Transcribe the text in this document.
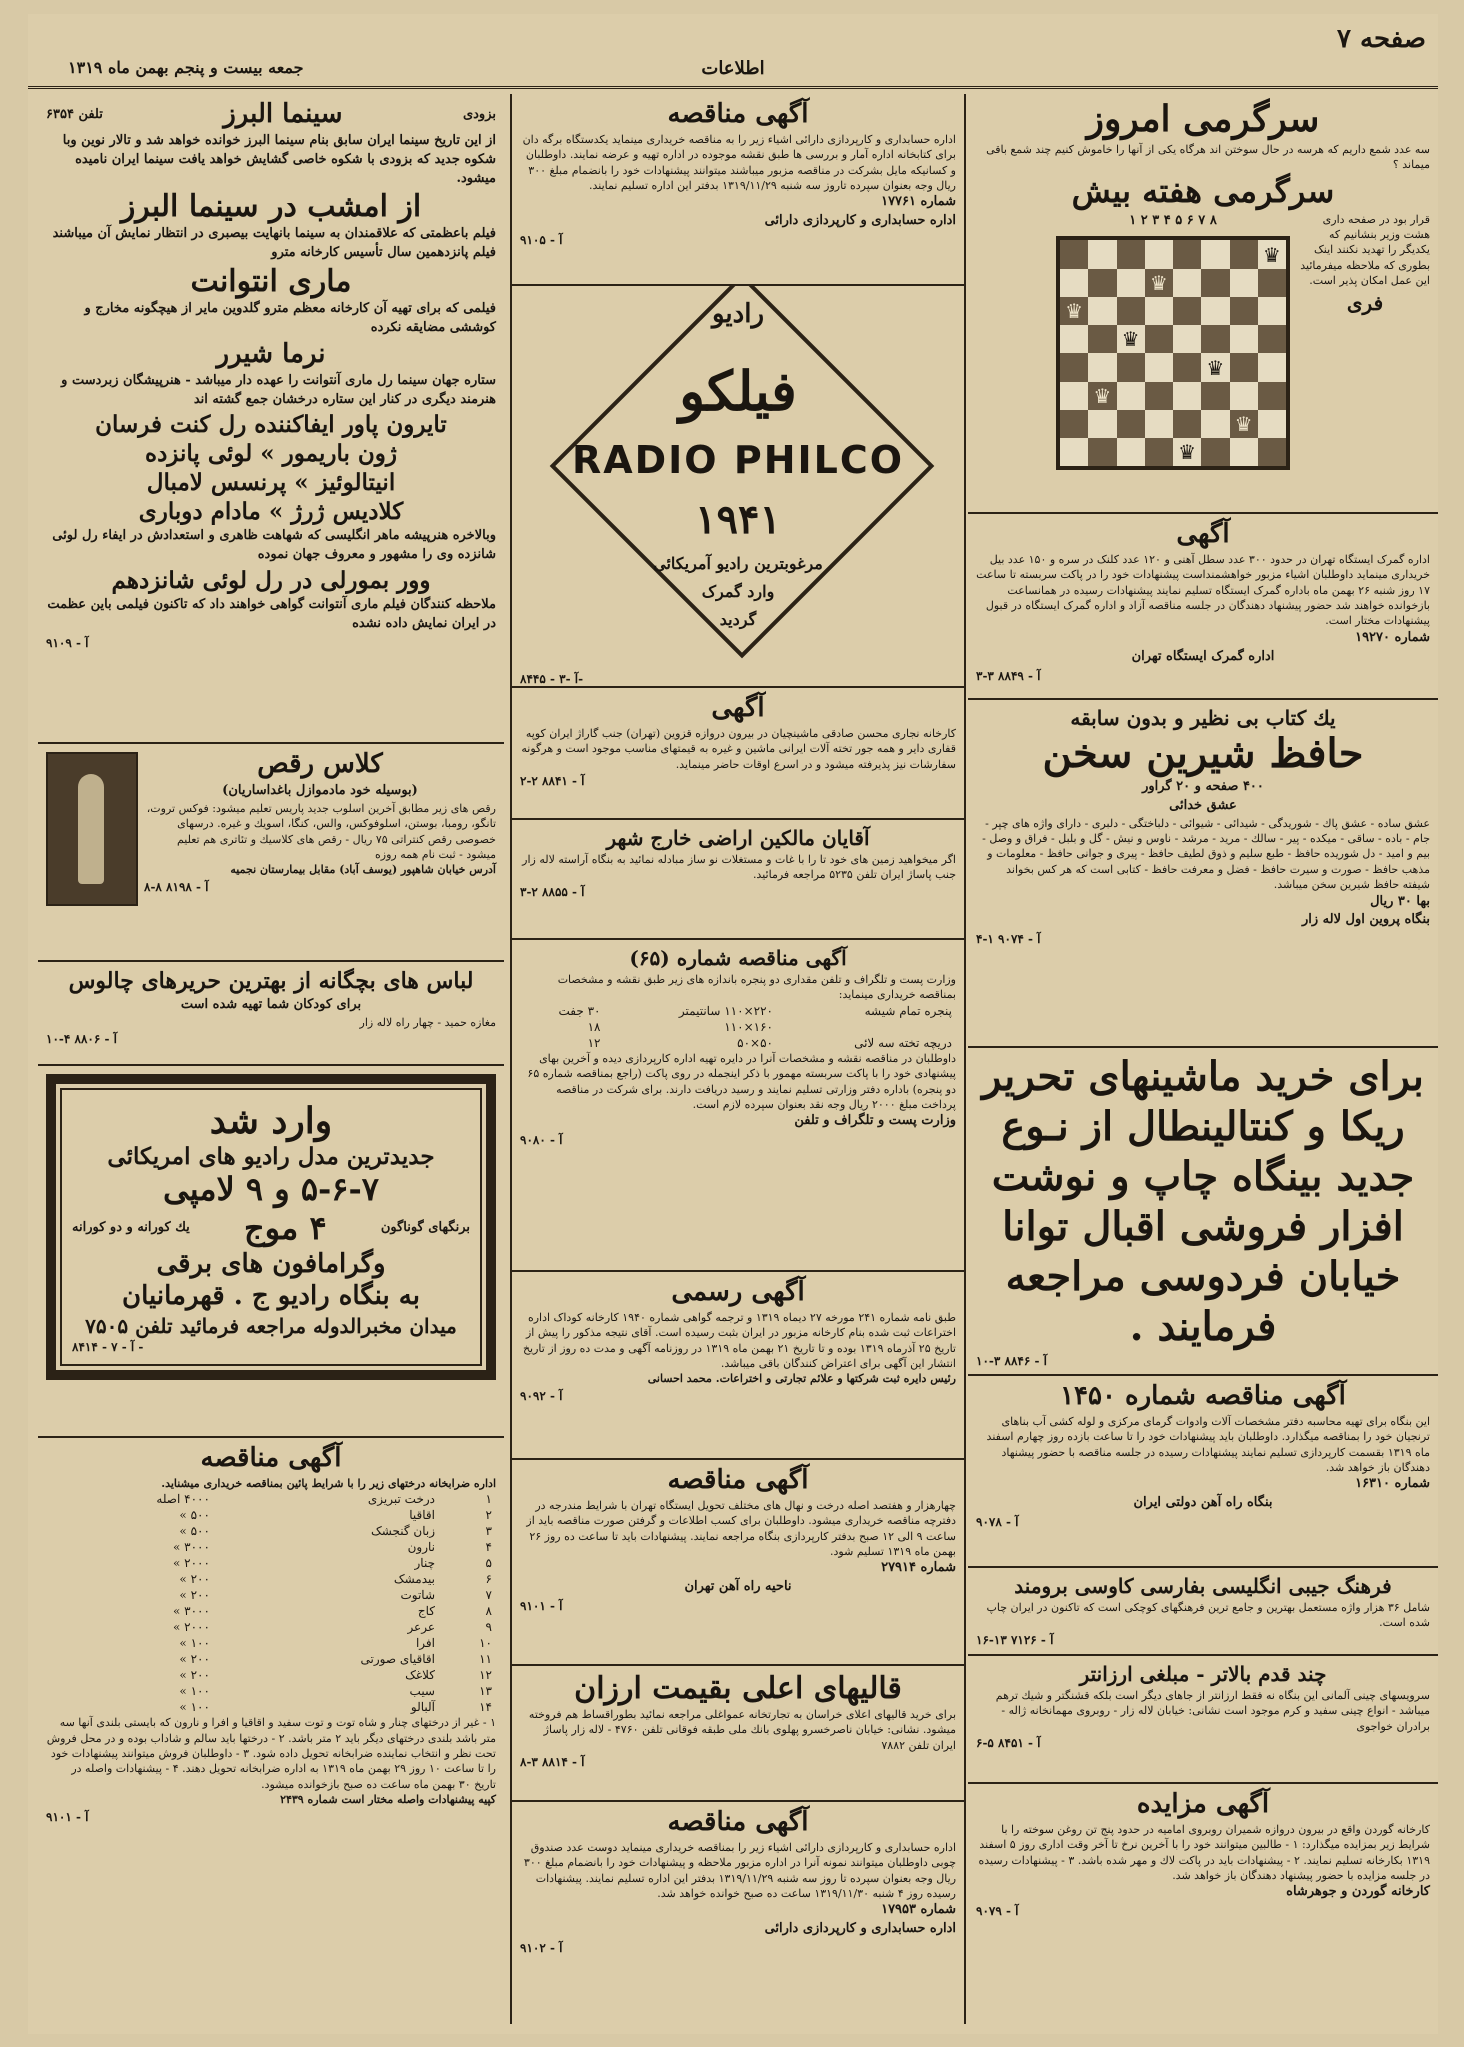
صفحه ۷
اطلاعات
جمعه بیست و پنجم بهمن ماه ۱۳۱۹
سرگرمی امروز
سه عدد شمع داریم که هرسه در حال سوختن اند هرگاه یکی از آنها را خاموش کنیم چند شمع باقی میماند ؟
سرگرمی هفته بیش
قرار بود در صفحه داری هشت وزیر بنشانیم که یکدیگر را تهدید نکنند اینک بطوری که ملاحظه میفرمائید این عمل امکان پذیر است.
فری
۸ ۷ ۶ ۵ ۴ ۳ ۲ ۱
♛
♛
♛
♛
♛
♛
♛
♛
آگهی
اداره گمرک ایستگاه تهران در حدود ۳۰۰ عدد سطل آهنی و ۱۲۰ عدد کلنک در سره و ۱۵۰ عدد بیل خریداری مینماید داوطلبان اشیاء مزبور خواهشمنداست پیشنهادات خود را در پاکت سربسته تا ساعت ۱۷ روز شنبه ۲۶ بهمن ماه باداره گمرک ایستگاه تسلیم نمایند پیشنهادات رسیده در همانساعت بازخوانده خواهند شد حضور پیشنهاد دهندگان در جلسه مناقصه آزاد و اداره گمرک ایستگاه در قبول پیشنهادات مختار است.
شماره ۱۹۲۷۰
اداره گمرک ایستگاه تهران
۳-۳ ۸۸۴۹ - آ
یك کتاب بی نظیر و بدون سابقه
حافظ شیرین سخن
۴۰۰ صفحه و ۲۰ گراور
عشق خدائی
عشق ساده - عشق پاك - شوریدگی - شیدائی - شیوائی - دلباختگی - دلبری - دارای واژه های چپر - جام - باده - ساقی - میکده - پیر - سالك - مرید - مرشد - ناوس و نیش - گل و بلبل - فراق و وصل - بیم و امید - دل شوریده حافظ - طبع سلیم و ذوق لطیف حافظ - پیری و جوانی حافظ - معلومات و مذهب حافظ - صورت و سیرت حافظ - فضل و معرفت حافظ - کتابی است که هر کس بخواند شیفته حافظ شیرین سخن میباشد.
بها ۳۰ ریال
بنگاه پروین اول لاله زار
۴-۱ ۹۰۷۴ - آ
برای خرید ماشینهای تحریر ریکا و کنتالینطال از نـوع جدید بینگاه چاپ و نوشت افزار فروشی اقبال توانا خیابان فردوسی مراجعه فرمایند .
۱۰-۳ ۸۸۴۶ - آ
آگهی مناقصه شماره ۱۴۵۰
این بنگاه برای تهیه محاسبه دفتر مشخصات آلات وادوات گرمای مرکزی و لوله کشی آب بناهای ترنجیان خود را بمناقصه میگذارد. داوطلبان باید پیشنهادات خود را تا ساعت بازده روز چهارم اسفند ماه ۱۳۱۹ بقسمت کارپردازی تسلیم نمایند پیشنهادات رسیده در جلسه مناقصه با حضور پیشنهاد دهندگان باز خواهد شد.
شماره ۱۶۳۱۰
بنگاه راه آهن دولتی ایران
۹۰۷۸ - آ
فرهنگ جیبی انگلیسی بفارسی کاوسی برومند
شامل ۳۶ هزار واژه مستعمل بهترین و جامع ترین فرهنگهای کوچکی است که تاکنون در ایران چاپ شده است.
۱۶-۱۳ ۷۱۲۶ - آ
چند قدم بالاتر - مبلغی ارزانتر
سرویسهای چینی آلمانی این بنگاه نه فقط ارزانتر از جاهای دیگر است بلکه قشنگتر و شیك ترهم میباشد - انواع چینی سفید و کرم موجود است نشانی: خیابان لاله زار - روبروی مهمانخانه ژاله - برادران خواجوی
۶-۵ ۸۴۵۱ - آ
آگهی مزایده
کارخانه گوردن واقع در بیرون دروازه شمیران روبروی امامیه در حدود پنج تن روغن سوخته را با شرایط زیر بمزایده میگذارد: ۱ - طالبین میتوانند خود را با آخرین نرخ تا آخر وقت اداری روز ۵ اسفند ۱۳۱۹ بکارخانه تسلیم نمایند. ۲ - پیشنهادات باید در پاکت لاك و مهر شده باشد. ۳ - پیشنهادات رسیده در جلسه مزایده با حضور پیشنهاد دهندگان باز خواهد شد.
کارخانه گوردن و جوهرشاه
۹۰۷۹ - آ
آگهی مناقصه
اداره حسابداری و کارپردازی دارائی اشیاء زیر را به مناقصه خریداری مینماید یکدستگاه برگه دان برای کتابخانه اداره آمار و بررسی ها طبق نقشه موجوده در اداره تهیه و عرضه نمایند. داوطلبان و کسانیکه مایل بشرکت در مناقصه مزبور میباشند میتوانند پیشنهادات خود را بانضمام مبلغ ۳۰۰ ریال وجه بعنوان سپرده تاروز سه شنبه ۱۳۱۹/۱۱/۲۹ بدفتر این اداره تسلیم نمایند.
شماره ۱۷۷۶۱
اداره حسابداری و کارپردازی دارائی
۹۱۰۵ - آ
رادیو
فیلکو
RADIO PHILCO
۱۹۴۱
مرغوبترین رادیو آمریکائی
وارد گمرک
گردید
۸۴۴۵ - آ -۳-
آگهی
کارخانه نجاری محسن صادقی ماشینچیان در بیرون دروازه قزوین (تهران) جنب گاراژ ایران کوپه قفاری دایر و همه جور تخته آلات ایرانی ماشین و غیره به قیمتهای مناسب موجود است و هرگونه سفارشات نیز پذیرفته میشود و در اسرع اوقات حاضر مینماید.
۲-۲ ۸۸۴۱ - آ
آقایان مالکین اراضی خارج شهر
اگر میخواهید زمین های خود تا را با غات و مستغلات نو ساز مبادله نمائید به بنگاه آراسته لاله زار جنب پاساژ ایران تلفن ۵۲۳۵ مراجعه فرمائید.
۳-۲ ۸۸۵۵ - آ
آگهی مناقصه شماره (۶۵)
وزارت پست و تلگراف و تلفن مقداری دو پنجره باندازه های زیر طبق نقشه و مشخصات بمناقصه خریداری مینماید:
پنجره تمام شیشه	۲۲۰×۱۱۰ سانتیمتر	۳۰ جفت
	۱۶۰×۱۱۰	۱۸
دریچه تخته سه لائی	۵۰×۵۰	۱۲
داوطلبان در مناقصه نقشه و مشخصات آنرا در دایره تهیه اداره کارپردازی دیده و آخرین بهای پیشنهادی خود را با پاکت سربسته مهمور با ذکر اینجمله در روی پاکت (راجع بمناقصه شماره ۶۵ دو پنجره) باداره دفتر وزارتی تسلیم نمایند و رسید دریافت دارند. برای شرکت در مناقصه پرداخت مبلغ ۲۰۰۰ ریال وجه نقد بعنوان سپرده لازم است.
وزارت پست و تلگراف و تلفن
۹۰۸۰ - آ
آگهی رسمی
طبق نامه شماره ۲۴۱ مورخه ۲۷ دیماه ۱۳۱۹ و ترجمه گواهی شماره ۱۹۴۰ کارخانه کوداک اداره اختراعات ثبت شده بنام کارخانه مزبور در ایران بثبت رسیده است. آقای نتیجه مذکور را پیش از تاریخ ۲۵ آذرماه ۱۳۱۹ بوده و تا تاریخ ۲۱ بهمن ماه ۱۳۱۹ در روزنامه آگهی و مدت ده روز از تاریخ انتشار این آگهی برای اعتراض کنندگان باقی میباشد.
رئیس دایره ثبت شرکتها و علائم تجارتی و اختراعات. محمد احسانی
۹۰۹۲ - آ
آگهی مناقصه
چهارهزار و هفتصد اصله درخت و نهال های مختلف تحویل ایستگاه تهران با شرایط مندرجه در دفترچه مناقصه خریداری میشود. داوطلبان برای کسب اطلاعات و گرفتن صورت مناقصه باید از ساعت ۹ الی ۱۲ صبح بدفتر کارپردازی بنگاه مراجعه نمایند. پیشنهادات باید تا ساعت ده روز ۲۶ بهمن ماه ۱۳۱۹ تسلیم شود.
شماره ۲۷۹۱۴
ناحیه راه آهن تهران
۹۱۰۱ - آ
قالیهای اعلی بقیمت ارزان
برای خرید قالیهای اعلای خراسان به تجارتخانه عمواغلی مراجعه نمائید بطوراقساط هم فروخته میشود. نشانی: خیابان ناصرخسرو پهلوی بانك ملی طبقه فوقانی تلفن ۴۷۶۰ - لاله زار پاساژ ایران تلفن ۷۸۸۲
۸-۳ ۸۸۱۴ - آ
آگهی مناقصه
اداره حسابداری و کارپردازی دارائی اشیاء زیر را بمناقصه خریداری مینماید دوست عدد صندوق چوبی داوطلبان میتوانند نمونه آنرا در اداره مزبور ملاحظه و پیشنهادات خود را بانضمام مبلغ ۳۰۰ ریال وجه بعنوان سپرده تا روز سه شنبه ۱۳۱۹/۱۱/۲۹ بدفتر این اداره تسلیم نمایند. پیشنهادات رسیده روز ۴ شنبه ۱۳۱۹/۱۱/۳۰ ساعت ده صبح خوانده خواهد شد.
شماره ۱۷۹۵۳
اداره حسابداری و کارپردازی دارائی
۹۱۰۲ - آ
بزودی
سینما البرز
تلفن ۶۳۵۴
از این تاریخ سینما ایران سابق بنام سینما البرز خوانده خواهد شد و تالار نوین وبا شکوه جدید که بزودی با شکوه خاصی گشایش خواهد یافت سینما ایران نامیده میشود.
از امشب در سینما البرز
فیلم باعظمتی که علاقمندان به سینما بانهایت بیصبری در انتظار نمایش آن میباشند فیلم پانزدهمین سال تأسیس کارخانه مترو
ماری انتوانت
فیلمی که برای تهیه آن کارخانه معظم مترو گلدوین مایر از هیچگونه مخارج و کوششی مضایقه نکرده
نرما شیرر
ستاره جهان سینما رل ماری آنتوانت را عهده دار میباشد - هنرپیشگان زبردست و هنرمند دیگری در کنار این ستاره درخشان جمع گشته اند
تایرون پاور ایفاکننده رل کنت فرسان
ژون باریمور » لوئی پانزده
انیتالوئیز » پرنسس لامبال
کلادیس ژرژ » مادام دوباری
وبالاخره هنرپیشه ماهر انگلیسی که شهاهت ظاهری و استعدادش در ایفاء رل لوئی شانزده وی را مشهور و معروف جهان نموده
وور بمورلی در رل لوئی شانزدهم
ملاحظه کنندگان فیلم ماری آنتوانت گواهی خواهند داد که تاکنون فیلمی باین عظمت در ایران نمایش داده نشده
۹۱۰۹ - آ
کلاس رقص
(بوسیله خود مادموازل باغداساریان)
رقص های زیر مطابق آخرین اسلوب جدید پاریس تعلیم میشود: فوکس تروت، تانگو، رومبا، بوستن، اسلوفوکس، والس، کنگا، اسویك و غیره. درسهای خصوصی رقص کنتراتی ۷۵ ریال - رقص های کلاسیك و تئاتری هم تعلیم میشود - ثبت نام همه روزه
آدرس خیابان شاهپور (یوسف آباد) مقابل بیمارستان نجمیه
۸-۸ ۸۱۹۸ - آ
لباس های بچگانه از بهترین حریرهای چالوس
برای کودکان شما تهیه شده است
مغازه حمید - چهار راه لاله زار
۱۰-۴ ۸۸۰۶ - آ
وارد شد
جدیدترین مدل رادیو های امریکائی
۵-۶-۷ و ۹ لامپی
برنگهای گوناگون
۴ موج
یك کورانه و دو کورانه
وگرامافون های برقی
به بنگاه رادیو ج . قهرمانیان
میدان مخبرالدوله مراجعه فرمائید تلفن ۷۵۰۵
۸۴۱۴ - آ - ۷ -
آگهی مناقصه
اداره ضرابخانه درختهای زیر را با شرایط پائین بمناقصه خریداری میشناید.
۱	درخت تبریزی	۴۰۰۰ اصله
۲	اقاقیا	۵۰۰ »
۳	زبان گنجشک	۵۰۰ »
۴	نارون	۳۰۰۰ »
۵	چنار	۲۰۰۰ »
۶	بیدمشک	۲۰۰ »
۷	شاتوت	۲۰۰ »
۸	کاج	۳۰۰۰ »
۹	عرعر	۲۰۰۰ »
۱۰	افرا	۱۰۰ »
۱۱	اقاقیای صورتی	۲۰۰ »
۱۲	کلاغک	۲۰۰ »
۱۳	سیب	۱۰۰ »
۱۴	آلبالو	۱۰۰ »
۱ - غیر از درختهای چنار و شاه توت و توت سفید و اقاقیا و افرا و نارون که بایستی بلندی آنها سه متر باشد بلندی درختهای دیگر باید ۲ متر باشد. ۲ - درختها باید سالم و شاداب بوده و در محل فروش تحت نظر و انتخاب نماینده ضرابخانه تحویل داده شود. ۳ - داوطلبان فروش میتوانند پیشنهادات خود را تا ساعت ۱۰ روز ۲۹ بهمن ماه ۱۳۱۹ به اداره ضرابخانه تحویل دهند. ۴ - پیشنهادات واصله در تاریخ ۳۰ بهمن ماه ساعت ده صبح بازخوانده میشود.
کپیه پیشنهادات واصله مختار است شماره ۲۴۳۹
۹۱۰۱ - آ
